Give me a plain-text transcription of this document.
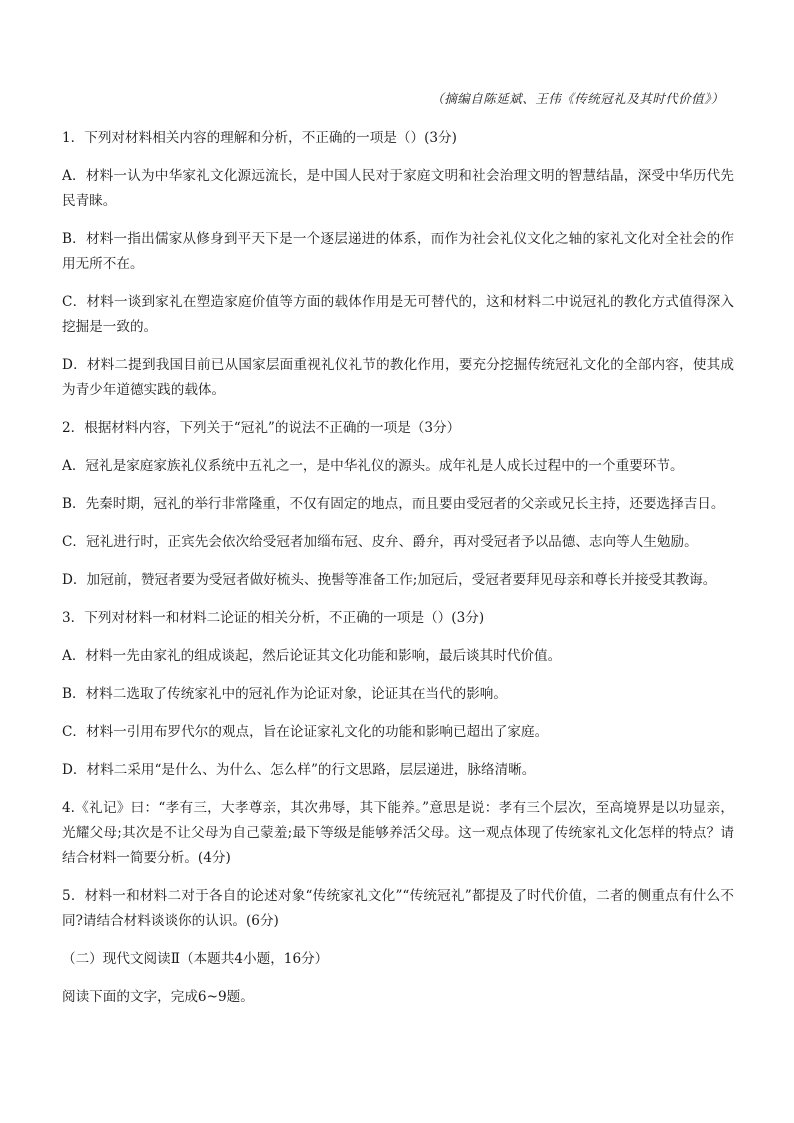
（摘编自陈延斌、王伟《传统冠礼及其时代价值》）

1．下列对材料相关内容的理解和分析，不正确的一项是（）(3分)

A．材料一认为中华家礼文化源远流长，是中国人民对于家庭文明和社会治理文明的智慧结晶，深受中华历代先民青睐。

B．材料一指出儒家从修身到平天下是一个逐层递进的体系，而作为社会礼仪文化之轴的家礼文化对全社会的作用无所不在。

C．材料一谈到家礼在塑造家庭价值等方面的载体作用是无可替代的，这和材料二中说冠礼的教化方式值得深入挖掘是一致的。

D．材料二提到我国目前已从国家层面重视礼仪礼节的教化作用，要充分挖掘传统冠礼文化的全部内容，使其成为青少年道德实践的载体。

2．根据材料内容，下列关于“冠礼”的说法不正确的一项是（3分）

A．冠礼是家庭家族礼仪系统中五礼之一，是中华礼仪的源头。成年礼是人成长过程中的一个重要环节。

B．先秦时期，冠礼的举行非常隆重，不仅有固定的地点，而且要由受冠者的父亲或兄长主持，还要选择吉日。

C．冠礼进行时，正宾先会依次给受冠者加缁布冠、皮弁、爵弁，再对受冠者予以品德、志向等人生勉励。

D．加冠前，赞冠者要为受冠者做好梳头、挽髻等准备工作;加冠后，受冠者要拜见母亲和尊长并接受其教诲。

3．下列对材料一和材料二论证的相关分析，不正确的一项是（）(3分)

A．材料一先由家礼的组成谈起，然后论证其文化功能和影响，最后谈其时代价值。

B．材料二选取了传统家礼中的冠礼作为论证对象，论证其在当代的影响。

C．材料一引用布罗代尔的观点，旨在论证家礼文化的功能和影响已超出了家庭。

D．材料二采用“是什么、为什么、怎么样”的行文思路，层层递进，脉络清晰。

4.《礼记》曰：“孝有三，大孝尊亲，其次弗辱，其下能养。”意思是说：孝有三个层次，至高境界是以功显亲，光耀父母;其次是不让父母为自己蒙羞;最下等级是能够养活父母。这一观点体现了传统家礼文化怎样的特点？请结合材料一简要分析。(4分)

5．材料一和材料二对于各自的论述对象“传统家礼文化”“传统冠礼”都提及了时代价值，二者的侧重点有什么不同?请结合材料谈谈你的认识。(6分)

（二）现代文阅读Ⅱ（本题共4小题，16分）

阅读下面的文字，完成6~9题。
